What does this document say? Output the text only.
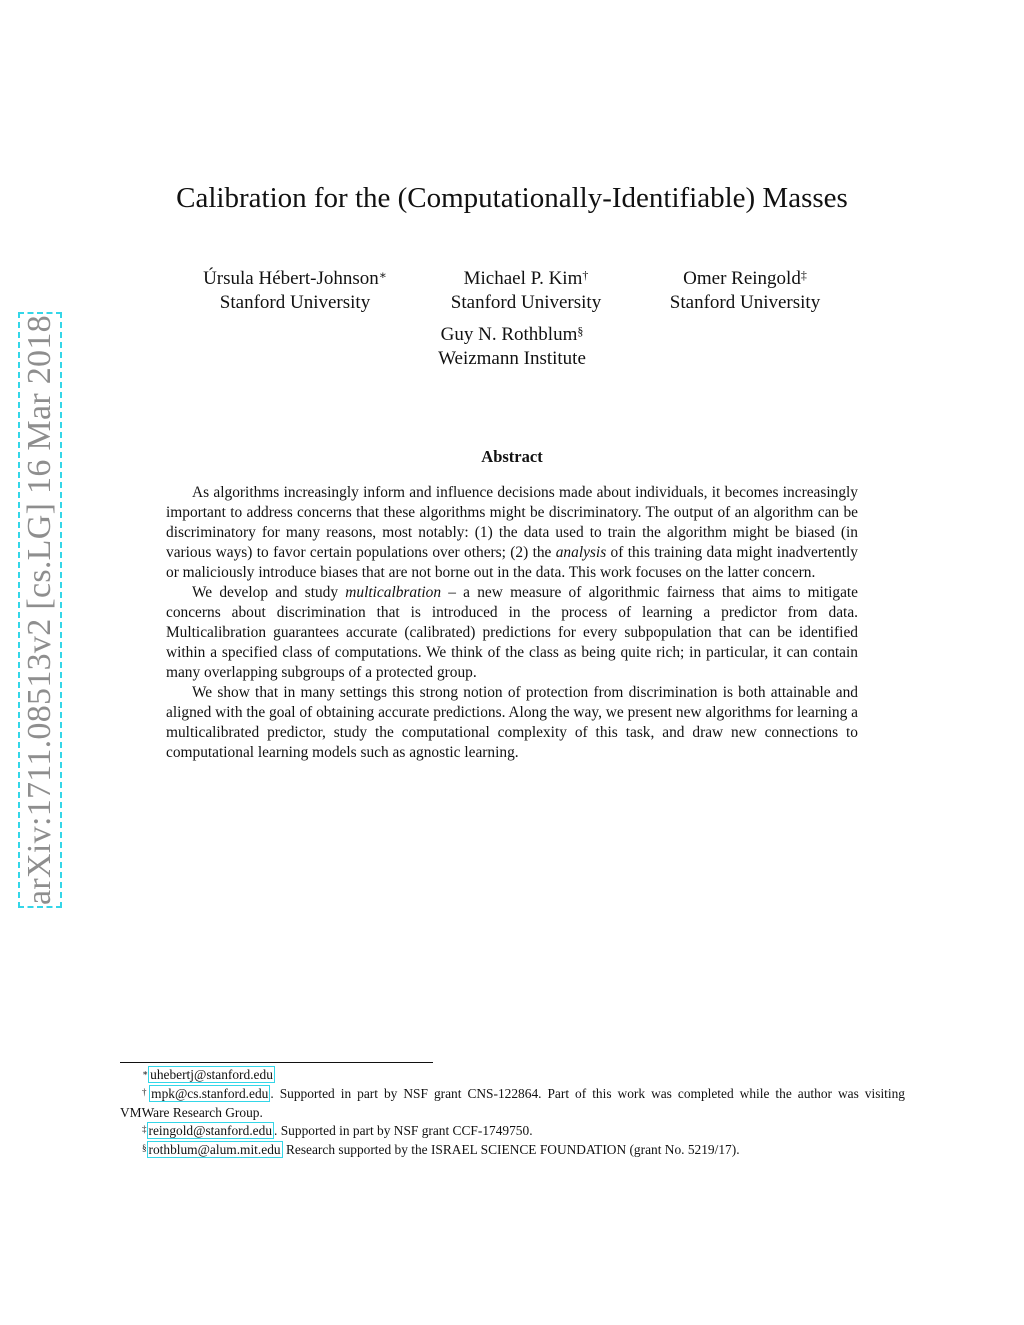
arXiv:1711.08513v2 [cs.LG] 16 Mar 2018
Calibration for the (Computationally-Identifiable) Masses
Úrsula Hébert-Johnson∗
Stanford University
Michael P. Kim†
Stanford University
Omer Reingold‡
Stanford University
Guy N. Rothblum§
Weizmann Institute
Abstract

As algorithms increasingly inform and influence decisions made about individuals, it becomes increasingly important to address concerns that these algorithms might be discriminatory. The output of an algorithm can be discriminatory for many reasons, most notably: (1) the data used to train the algorithm might be biased (in various ways) to favor certain populations over others; (2) the analysis of this training data might inadvertently or maliciously introduce biases that are not borne out in the data. This work focuses on the latter concern.

We develop and study multicalbration – a new measure of algorithmic fairness that aims to mitigate concerns about discrimination that is introduced in the process of learning a predictor from data. Multicalibration guarantees accurate (calibrated) predictions for every subpopulation that can be identified within a specified class of computations. We think of the class as being quite rich; in particular, it can contain many overlapping subgroups of a protected group.

We show that in many settings this strong notion of protection from discrimination is both attainable and aligned with the goal of obtaining accurate predictions. Along the way, we present new algorithms for learning a multicalibrated predictor, study the computational complexity of this task, and draw new connections to computational learning models such as agnostic learning.

∗ uhebertj@stanford.edu

† mpk@cs.stanford.edu . Supported in part by NSF grant CNS-122864. Part of this work was completed while the author was visiting VMWare Research Group.

‡ reingold@stanford.edu . Supported in part by NSF grant CCF-1749750.

§ rothblum@alum.mit.edu Research supported by the ISRAEL SCIENCE FOUNDATION (grant No. 5219/17).
